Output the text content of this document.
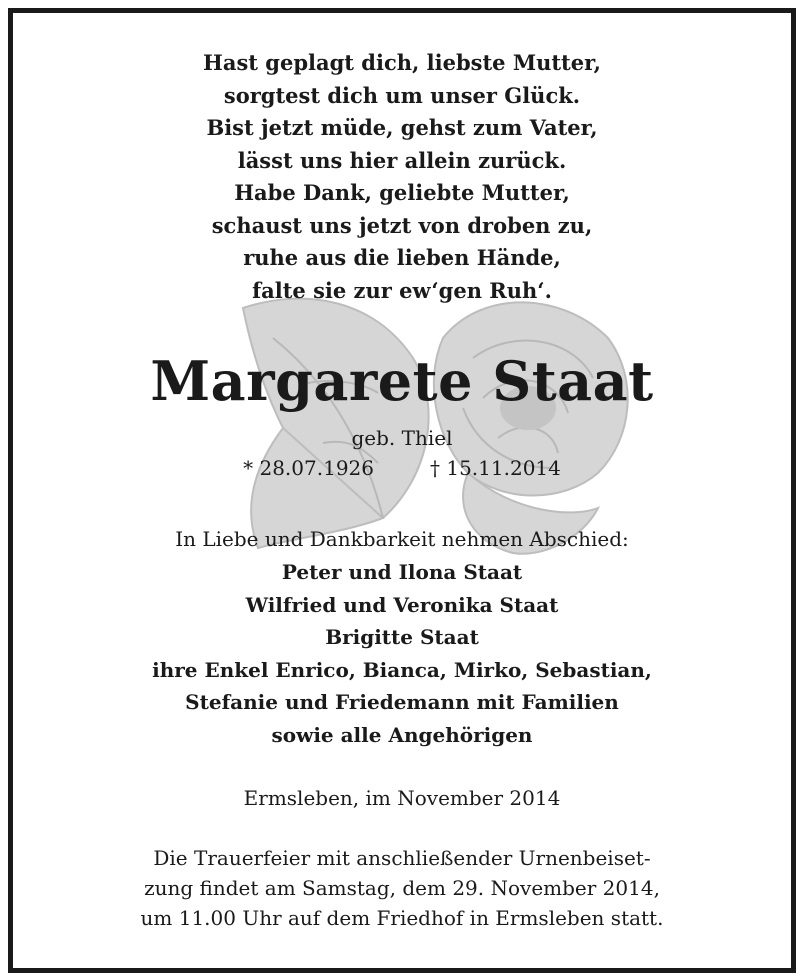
Hast geplagt dich, liebste Mutter,
sorgtest dich um unser Glück.
Bist jetzt müde, gehst zum Vater,
lässt uns hier allein zurück.
Habe Dank, geliebte Mutter,
schaust uns jetzt von droben zu,
ruhe aus die lieben Hände,
falte sie zur ew‘gen Ruh‘.
Margarete Staat
geb. Thiel
* 28.07.1926	† 15.11.2014
In Liebe und Dankbarkeit nehmen Abschied:
Peter und Ilona Staat
Wilfried und Veronika Staat
Brigitte Staat
ihre Enkel Enrico, Bianca, Mirko, Sebastian,
Stefanie und Friedemann mit Familien
sowie alle Angehörigen
Ermsleben, im November 2014
Die Trauerfeier mit anschließender Urnenbeiset-
zung findet am Samstag, dem 29. November 2014,
um 11.00 Uhr auf dem Friedhof in Ermsleben statt.
